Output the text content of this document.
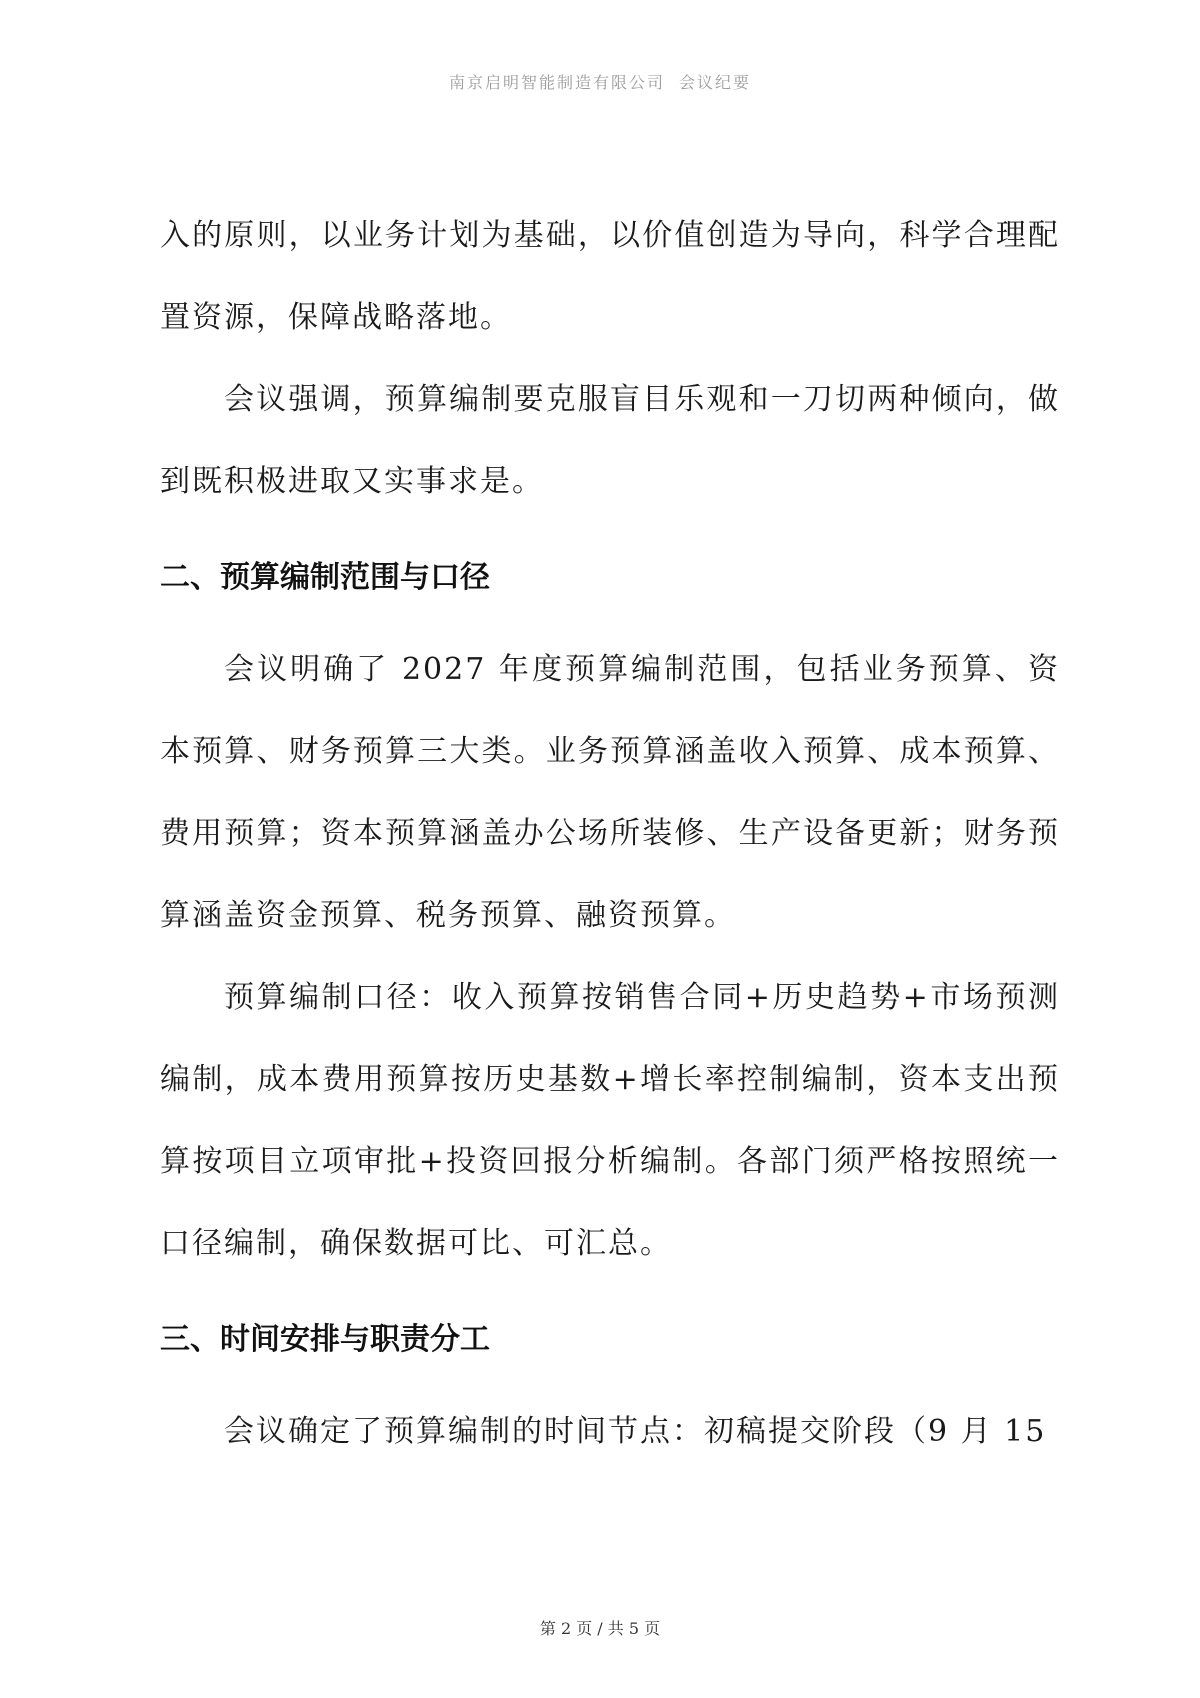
南京启明智能制造有限公司 会议纪要

入的原则，以业务计划为基础，以价值创造为导向，科学合理配置资源，保障战略落地。

会议强调，预算编制要克服盲目乐观和一刀切两种倾向，做到既积极进取又实事求是。

二、预算编制范围与口径

会议明确了 2027 年度预算编制范围，包括业务预算、资本预算、财务预算三大类。业务预算涵盖收入预算、成本预算、费用预算；资本预算涵盖办公场所装修、生产设备更新；财务预算涵盖资金预算、税务预算、融资预算。

预算编制口径：收入预算按销售合同+历史趋势+市场预测编制，成本费用预算按历史基数+增长率控制编制，资本支出预算按项目立项审批+投资回报分析编制。各部门须严格按照统一口径编制，确保数据可比、可汇总。

三、时间安排与职责分工

会议确定了预算编制的时间节点：初稿提交阶段（9 月 15

第 2 页 / 共 5 页
